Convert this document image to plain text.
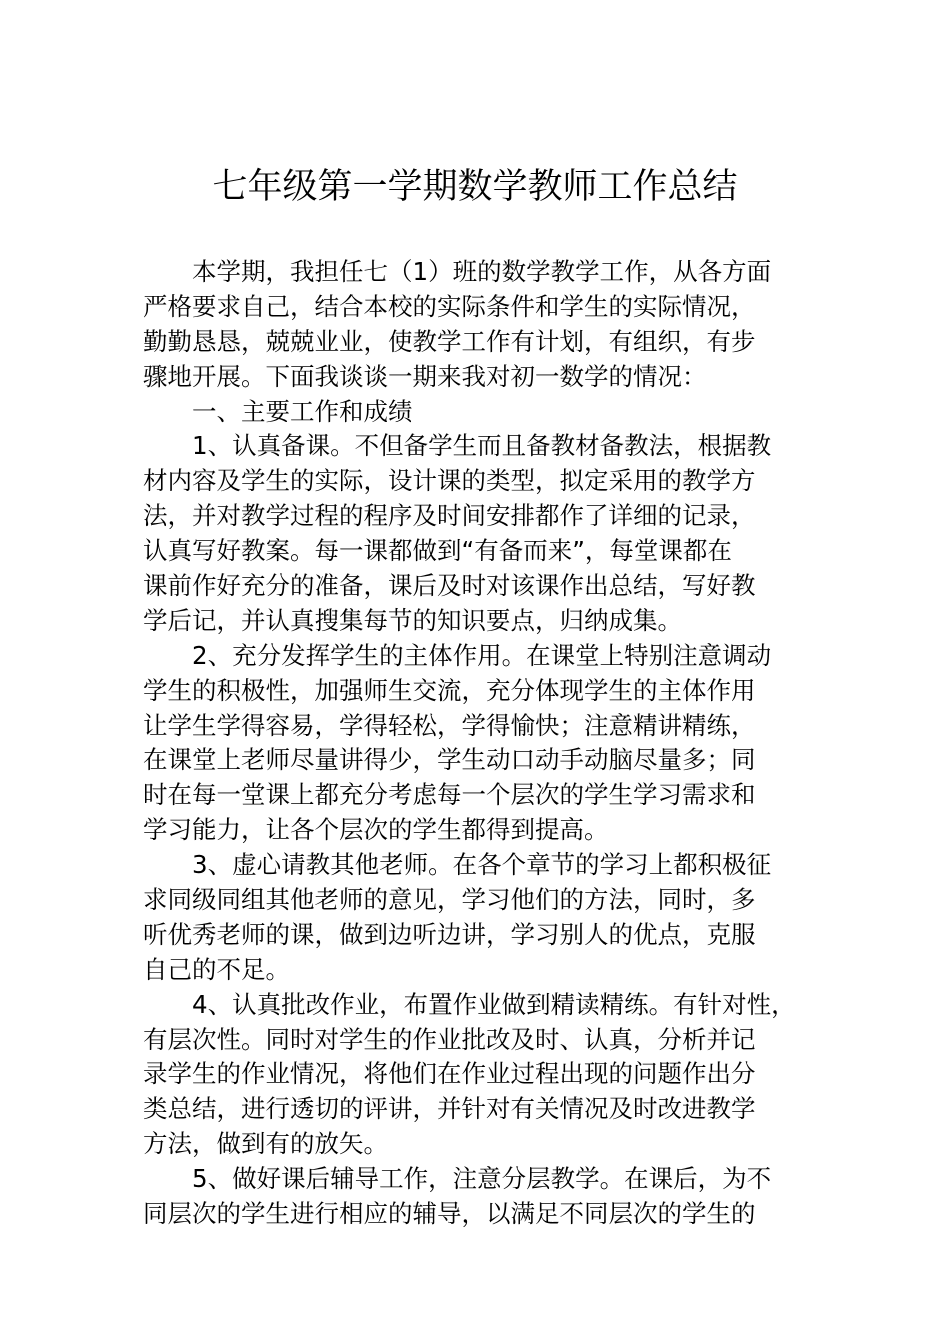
七年级第一学期数学教师工作总结
本学期，我担任七（1）班的数学教学工作，从各方面
严格要求自己，结合本校的实际条件和学生的实际情况，
勤勤恳恳，兢兢业业，使教学工作有计划，有组织，有步
骤地开展。下面我谈谈一期来我对初一数学的情况：
一、主要工作和成绩
1、认真备课。不但备学生而且备教材备教法，根据教
材内容及学生的实际，设计课的类型，拟定采用的教学方
法，并对教学过程的程序及时间安排都作了详细的记录，
认真写好教案。每一课都做到“有备而来”，每堂课都在
课前作好充分的准备，课后及时对该课作出总结，写好教
学后记，并认真搜集每节的知识要点，归纳成集。
2、充分发挥学生的主体作用。在课堂上特别注意调动
学生的积极性，加强师生交流，充分体现学生的主体作用
让学生学得容易，学得轻松，学得愉快；注意精讲精练，
在课堂上老师尽量讲得少，学生动口动手动脑尽量多；同
时在每一堂课上都充分考虑每一个层次的学生学习需求和
学习能力，让各个层次的学生都得到提高。
3、虚心请教其他老师。在各个章节的学习上都积极征
求同级同组其他老师的意见，学习他们的方法，同时，多
听优秀老师的课，做到边听边讲，学习别人的优点，克服
自己的不足。
4、认真批改作业，布置作业做到精读精练。有针对性，
有层次性。同时对学生的作业批改及时、认真，分析并记
录学生的作业情况，将他们在作业过程出现的问题作出分
类总结，进行透切的评讲，并针对有关情况及时改进教学
方法，做到有的放矢。
5、做好课后辅导工作，注意分层教学。在课后，为不
同层次的学生进行相应的辅导，以满足不同层次的学生的
